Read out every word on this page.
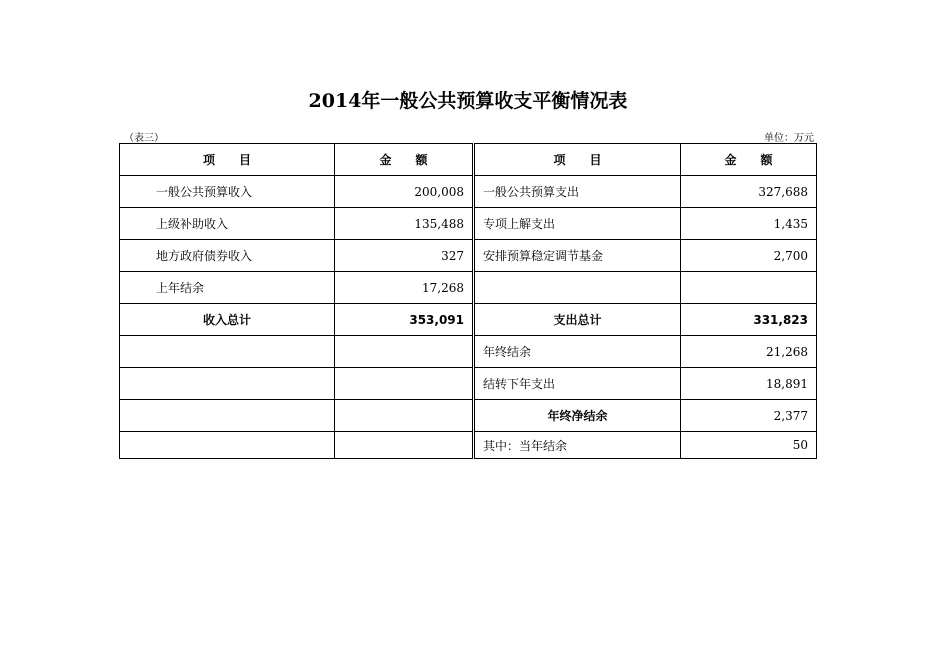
2014年一般公共预算收支平衡情况表
（表三）	单位：万元
项　　目	金　　额	项　　目	金　　额
一般公共预算收入	200,008	一般公共预算支出	327,688
上级补助收入	135,488	专项上解支出	1,435
地方政府债券收入	327	安排预算稳定调节基金	2,700
上年结余	17,268		
收入总计	353,091	支出总计	331,823
		年终结余	21,268
		结转下年支出	18,891
		年终净结余	2,377
		其中：当年结余	50
